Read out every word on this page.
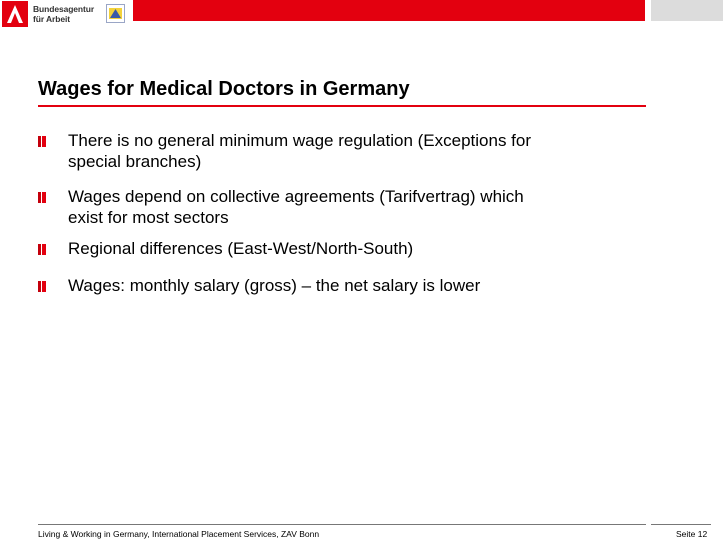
Bundesagentur
für Arbeit
Wages for Medical Doctors in Germany
There is no general minimum wage regulation (Exceptions for
special branches)
Wages depend on collective agreements (Tarifvertrag) which
exist for most sectors
Regional differences (East-West/North-South)
Wages: monthly salary (gross) – the net salary is lower
Living & Working in Germany, International Placement Services, ZAV Bonn	Seite 12
